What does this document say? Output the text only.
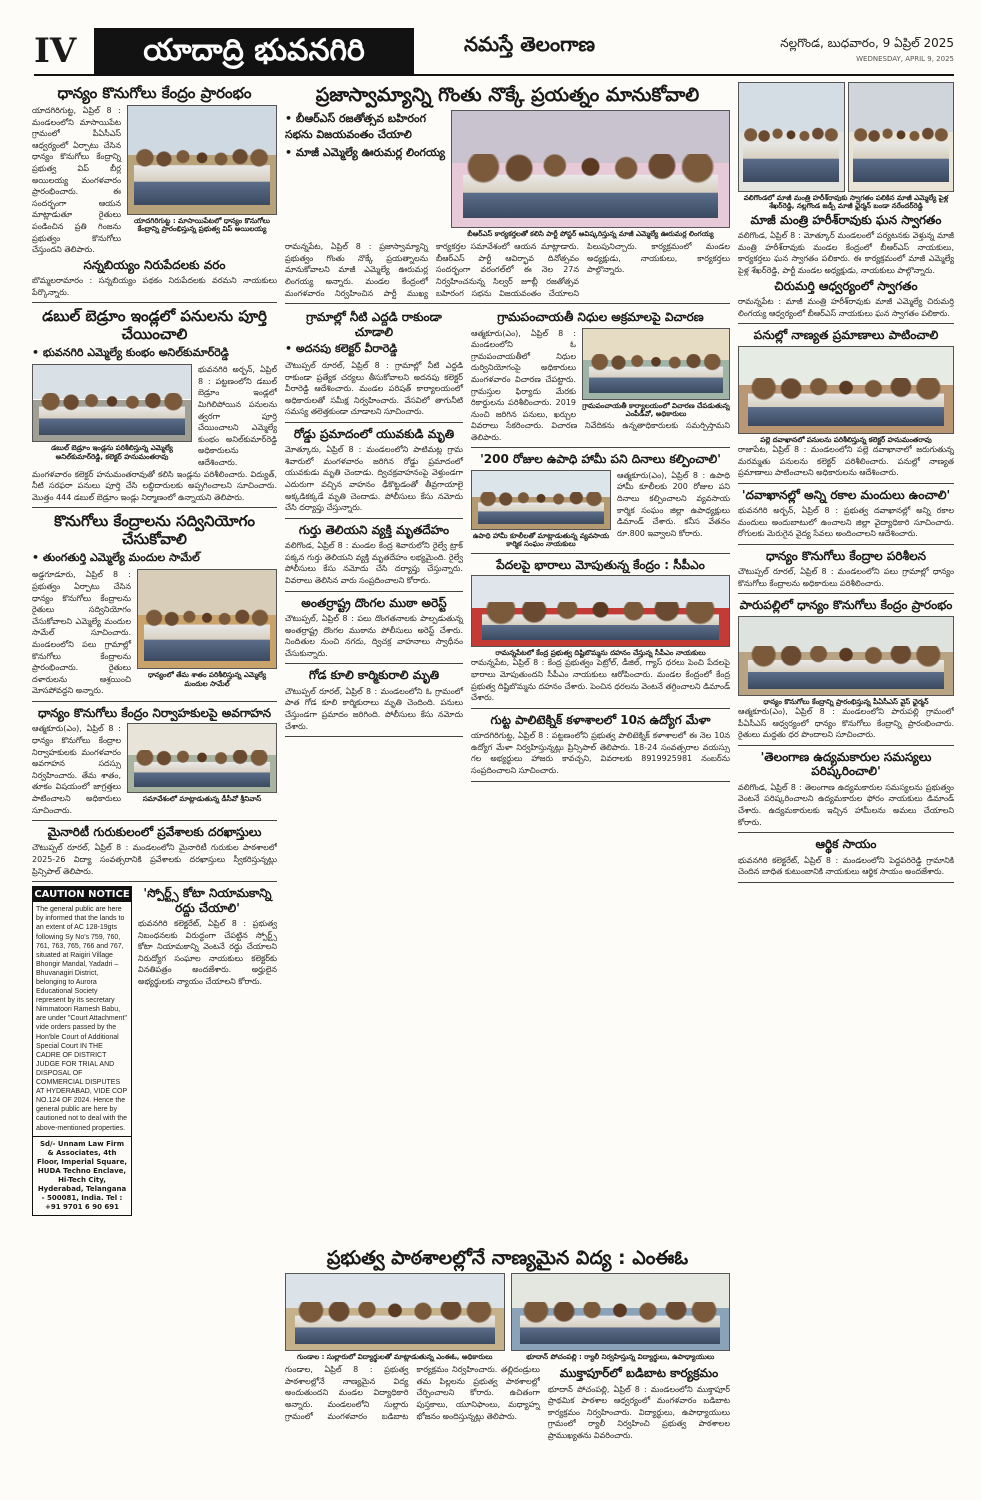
IV	యాదాద్రి భువనగిరి	నమస్తే తెలంగాణ	నల్లగొండ, బుధవారం, 9 ఏప్రిల్ 2025
WEDNESDAY, APRIL 9, 2025
ధాన్యం కొనుగోలు కేంద్రం ప్రారంభం
యాదగిరిగుట్ట : మాసాయిపేటలో ధాన్యం కొనుగోలు కేంద్రాన్ని ప్రారంభిస్తున్న ప్రభుత్వ విప్ అయిలయ్య
యాదగిరిగుట్ట, ఏప్రిల్ 8 : మండలంలోని మాసాయిపేట గ్రామంలో పీఏసీఎస్ ఆధ్వర్యంలో ఏర్పాటు చేసిన ధాన్యం కొనుగోలు కేంద్రాన్ని ప్రభుత్వ విప్ బీర్ల అయిలయ్య మంగళవారం ప్రారంభించారు. ఈ సందర్భంగా ఆయన మాట్లాడుతూ రైతులు పండించిన ప్రతి గింజను ప్రభుత్వం కొనుగోలు చేస్తుందని తెలిపారు.
సన్నబియ్యం నిరుపేదలకు వరం
బొమ్మలరామారం : సన్నబియ్యం పథకం నిరుపేదలకు వరమని నాయకులు పేర్కొన్నారు.
డబుల్ బెడ్రూం ఇండ్లలో పనులను పూర్తి చేయించాలి
• భువనగిరి ఎమ్మెల్యే కుంభం అనిల్‌కుమార్‌రెడ్డి
డబుల్ బెడ్రూం ఇండ్లను పరిశీలిస్తున్న ఎమ్మెల్యే అనిల్‌కుమార్‌రెడ్డి, కలెక్టర్ హనుమంతరావు
భువనగిరి అర్బన్, ఏప్రిల్ 8 : పట్టణంలోని డబుల్ బెడ్రూం ఇండ్లలో మిగిలిపోయిన పనులను త్వరగా పూర్తి చేయించాలని ఎమ్మెల్యే కుంభం అనిల్‌కుమార్‌రెడ్డి అధికారులను ఆదేశించారు. మంగళవారం కలెక్టర్ హనుమంతరావుతో కలిసి ఇండ్లను పరిశీలించారు. విద్యుత్, నీటి సరఫరా పనులు పూర్తి చేసి లబ్ధిదారులకు అప్పగించాలని సూచించారు. మొత్తం 444 డబుల్ బెడ్రూం ఇండ్లు నిర్మాణంలో ఉన్నాయని తెలిపారు.
కొనుగోలు కేంద్రాలను సద్వినియోగం చేసుకోవాలి
• తుంగతుర్తి ఎమ్మెల్యే మందుల సామేల్
ధాన్యంలో తేమ శాతం పరిశీలిస్తున్న ఎమ్మెల్యే మందుల సామేల్
అడ్డగూడూరు, ఏప్రిల్ 8 : ప్రభుత్వం ఏర్పాటు చేసిన ధాన్యం కొనుగోలు కేంద్రాలను రైతులు సద్వినియోగం చేసుకోవాలని ఎమ్మెల్యే మందుల సామేల్ సూచించారు. మండలంలోని పలు గ్రామాల్లో కొనుగోలు కేంద్రాలను ప్రారంభించారు. రైతులు దళారులను ఆశ్రయించి మోసపోవద్దని అన్నారు.
ధాన్యం కొనుగోలు కేంద్రం నిర్వాహకులపై అవగాహన
సమావేశంలో మాట్లాడుతున్న డీసీవో శ్రీనివాస్
ఆత్మకూరు(ఎం), ఏప్రిల్ 8 : ధాన్యం కొనుగోలు కేంద్రాల నిర్వాహకులకు మంగళవారం అవగాహన సదస్సు నిర్వహించారు. తేమ శాతం, తూకం విషయంలో జాగ్రత్తలు పాటించాలని అధికారులు సూచించారు.
మైనారిటీ గురుకులంలో ప్రవేశాలకు దరఖాస్తులు
చౌటుప్పల్ రూరల్, ఏప్రిల్ 8 : మండలంలోని మైనారిటీ గురుకుల పాఠశాలలో 2025-26 విద్యా సంవత్సరానికి ప్రవేశాలకు దరఖాస్తులు స్వీకరిస్తున్నట్లు ప్రిన్సిపాల్ తెలిపారు.
CAUTION NOTICE
The general public are here by informed that the lands to an extent of AC 128-19gts following Sy No's 759, 760, 761, 763, 765, 766 and 767, situated at Raigiri Village Bhongir Mandal, Yadadri – Bhuvanagiri District, belonging to Aurora Educational Society represent by its secretary Nimmatoori Ramesh Babu, are under "Court Attachment" vide orders passed by the Hon'ble Court of Additional Special Court IN THE CADRE OF DISTRICT JUDGE FOR TRIAL AND DISPOSAL OF COMMERCIAL DISPUTES AT HYDERABAD, VIDE COP NO.124 OF 2024. Hence the general public are here by cautioned not to deal with the above-mentioned properties.
Sd/- Unnam Law Firm & Associates, 4th Floor, Imperial Square, HUDA Techno Enclave, Hi-Tech City, Hyderabad, Telangana - 500081, India. Tel : +91 9701 6 90 691
'స్పోర్ట్స్ కోటా నియామకాన్ని రద్దు చేయాలి'
భువనగిరి కలెక్టరేట్, ఏప్రిల్ 8 : ప్రభుత్వ నిబంధనలకు విరుద్ధంగా చేపట్టిన స్పోర్ట్స్ కోటా నియామకాన్ని వెంటనే రద్దు చేయాలని నిరుద్యోగ సంఘాల నాయకులు కలెక్టర్‌కు వినతిపత్రం అందజేశారు. అర్హులైన అభ్యర్థులకు న్యాయం చేయాలని కోరారు.
ప్రజాస్వామ్యాన్ని గొంతు నొక్కే ప్రయత్నం మానుకోవాలి
• బీఆర్‌ఎస్ రజతోత్సవ బహిరంగ సభను విజయవంతం చేయాలి
• మాజీ ఎమ్మెల్యే ఊరుమర్ల లింగయ్య
బీఆర్‌ఎస్ కార్యకర్తలతో కలిసి పార్టీ పోస్టర్ ఆవిష్కరిస్తున్న మాజీ ఎమ్మెల్యే ఊరుమర్ల లింగయ్య
రామన్నపేట, ఏప్రిల్ 8 : ప్రజాస్వామ్యాన్ని ప్రభుత్వం గొంతు నొక్కే ప్రయత్నాలను మానుకోవాలని మాజీ ఎమ్మెల్యే ఊరుమర్ల లింగయ్య అన్నారు. మండల కేంద్రంలో మంగళవారం నిర్వహించిన పార్టీ ముఖ్య కార్యకర్తల సమావేశంలో ఆయన మాట్లాడారు. బీఆర్‌ఎస్ పార్టీ ఆవిర్భావ దినోత్సవం సందర్భంగా వరంగల్‌లో ఈ నెల 27న నిర్వహించనున్న సిల్వర్ జూబ్లీ రజతోత్సవ బహిరంగ సభను విజయవంతం చేయాలని పిలుపునిచ్చారు. కార్యక్రమంలో మండల అధ్యక్షుడు, నాయకులు, కార్యకర్తలు పాల్గొన్నారు.
గ్రామాల్లో నీటి ఎద్దడి రాకుండా చూడాలి
• అదనపు కలెక్టర్ వీరారెడ్డి
చౌటుప్పల్ రూరల్, ఏప్రిల్ 8 : గ్రామాల్లో నీటి ఎద్దడి రాకుండా ప్రత్యేక చర్యలు తీసుకోవాలని అదనపు కలెక్టర్ వీరారెడ్డి ఆదేశించారు. మండల పరిషత్ కార్యాలయంలో అధికారులతో సమీక్ష నిర్వహించారు. వేసవిలో తాగునీటి సమస్య తలెత్తకుండా చూడాలని సూచించారు.
రోడ్డు ప్రమాదంలో యువకుడి మృతి
మోత్కూరు, ఏప్రిల్ 8 : మండలంలోని పాటిమట్ల గ్రామ శివారులో మంగళవారం జరిగిన రోడ్డు ప్రమాదంలో యువకుడు మృతి చెందాడు. ద్విచక్రవాహనంపై వెళ్తుండగా ఎదురుగా వచ్చిన వాహనం ఢీకొట్టడంతో తీవ్రగాయాలై అక్కడికక్కడే మృతి చెందాడు. పోలీసులు కేసు నమోదు చేసి దర్యాప్తు చేస్తున్నారు.
గుర్తు తెలియని వ్యక్తి మృతదేహం
వలిగొండ, ఏప్రిల్ 8 : మండల కేంద్ర శివారులోని రైల్వే ట్రాక్ పక్కన గుర్తు తెలియని వ్యక్తి మృతదేహం లభ్యమైంది. రైల్వే పోలీసులు కేసు నమోదు చేసి దర్యాప్తు చేస్తున్నారు. వివరాలు తెలిసిన వారు సంప్రదించాలని కోరారు.
అంతర్రాష్ట్ర దొంగల ముఠా అరెస్ట్
చౌటుప్పల్, ఏప్రిల్ 8 : పలు దొంగతనాలకు పాల్పడుతున్న అంతర్రాష్ట్ర దొంగల ముఠాను పోలీసులు అరెస్ట్ చేశారు. నిందితుల నుంచి నగదు, ద్విచక్ర వాహనాలు స్వాధీనం చేసుకున్నారు.
గోడ కూలి కార్మికురాలి మృతి
చౌటుప్పల్ రూరల్, ఏప్రిల్ 8 : మండలంలోని ఓ గ్రామంలో పాత గోడ కూలి కార్మికురాలు మృతి చెందింది. పనులు చేస్తుండగా ప్రమాదం జరిగింది. పోలీసులు కేసు నమోదు చేశారు.
గ్రామపంచాయతీ నిధుల అక్రమాలపై విచారణ
గ్రామపంచాయతీ కార్యాలయంలో విచారణ చేపడుతున్న ఎంపీడీవో, అధికారులు
ఆత్మకూరు(ఎం), ఏప్రిల్ 8 : మండలంలోని ఓ గ్రామపంచాయతీలో నిధుల దుర్వినియోగంపై అధికారులు మంగళవారం విచారణ చేపట్టారు. గ్రామస్తుల ఫిర్యాదు మేరకు రికార్డులను పరిశీలించారు. 2019 నుంచి జరిగిన పనులు, ఖర్చుల వివరాలు సేకరించారు. విచారణ నివేదికను ఉన్నతాధికారులకు సమర్పిస్తామని తెలిపారు.
'200 రోజుల ఉపాధి హామీ పని దినాలు కల్పించాలి'
ఉపాధి హామీ కూలీలతో మాట్లాడుతున్న వ్యవసాయ కార్మిక సంఘం నాయకులు
ఆత్మకూరు(ఎం), ఏప్రిల్ 8 : ఉపాధి హామీ కూలీలకు 200 రోజుల పని దినాలు కల్పించాలని వ్యవసాయ కార్మిక సంఘం జిల్లా ఉపాధ్యక్షులు డిమాండ్ చేశారు. కనీస వేతనం రూ.800 ఇవ్వాలని కోరారు.
పేదలపై భారాలు మోపుతున్న కేంద్రం : సీపీఎం
రామన్నపేటలో కేంద్ర ప్రభుత్వ దిష్టిబొమ్మను దహనం చేస్తున్న సీపీఎం నాయకులు
రామన్నపేట, ఏప్రిల్ 8 : కేంద్ర ప్రభుత్వం పెట్రోల్, డీజిల్, గ్యాస్ ధరలు పెంచి పేదలపై భారాలు మోపుతుందని సీపీఎం నాయకులు ఆరోపించారు. మండల కేంద్రంలో కేంద్ర ప్రభుత్వ దిష్టిబొమ్మను దహనం చేశారు. పెంచిన ధరలను వెంటనే తగ్గించాలని డిమాండ్ చేశారు.
గుట్ట పాలిటెక్నిక్ కళాశాలలో 10న ఉద్యోగ మేళా
యాదగిరిగుట్ట, ఏప్రిల్ 8 : పట్టణంలోని ప్రభుత్వ పాలిటెక్నిక్ కళాశాలలో ఈ నెల 10న ఉద్యోగ మేళా నిర్వహిస్తున్నట్లు ప్రిన్సిపాల్ తెలిపారు. 18-24 సంవత్సరాల వయస్సు గల అభ్యర్థులు హాజరు కావచ్చని, వివరాలకు 8919925981 నంబర్‌ను సంప్రదించాలని సూచించారు.
ప్రభుత్వ పాఠశాలల్లోనే నాణ్యమైన విద్య : ఎంఈఓ
గుండాల : సుల్లారులో విద్యార్థులతో మాట్లాడుతున్న ఎంఈఓ, అధికారులు	భూదాన్ పోచంపల్లి : ర్యాలీ నిర్వహిస్తున్న విద్యార్థులు, ఉపాధ్యాయులు
గుండాల, ఏప్రిల్ 8 : ప్రభుత్వ పాఠశాలల్లోనే నాణ్యమైన విద్య అందుతుందని మండల విద్యాధికారి అన్నారు. మండలంలోని సుల్లారు గ్రామంలో మంగళవారం బడిబాట కార్యక్రమం నిర్వహించారు. తల్లిదండ్రులు తమ పిల్లలను ప్రభుత్వ పాఠశాలల్లో చేర్పించాలని కోరారు. ఉచితంగా పుస్తకాలు, యూనిఫాంలు, మధ్యాహ్న భోజనం అందిస్తున్నట్లు తెలిపారు.
ముక్తాపూర్‌లో బడిబాట కార్యక్రమం
భూదాన్ పోచంపల్లి, ఏప్రిల్ 8 : మండలంలోని ముక్తాపూర్ ప్రాథమిక పాఠశాల ఆధ్వర్యంలో మంగళవారం బడిబాట కార్యక్రమం నిర్వహించారు. విద్యార్థులు, ఉపాధ్యాయులు గ్రామంలో ర్యాలీ నిర్వహించి ప్రభుత్వ పాఠశాలల ప్రాముఖ్యతను వివరించారు.
వలిగొండలో మాజీ మంత్రి హరీశ్‌రావుకు స్వాగతం పలికిన మాజీ ఎమ్మెల్యే పైళ్ల శేఖర్‌రెడ్డి, నల్లగొండ జడ్పీ మాజీ ఛైర్మన్ బండా నరేందర్‌రెడ్డి
మాజీ మంత్రి హరీశ్‌రావుకు ఘన స్వాగతం
వలిగొండ, ఏప్రిల్ 8 : మోత్కూర్ మండలంలో పర్యటనకు వెళ్తున్న మాజీ మంత్రి హరీశ్‌రావుకు మండల కేంద్రంలో బీఆర్‌ఎస్ నాయకులు, కార్యకర్తలు ఘన స్వాగతం పలికారు. ఈ కార్యక్రమంలో మాజీ ఎమ్మెల్యే పైళ్ల శేఖర్‌రెడ్డి, పార్టీ మండల అధ్యక్షుడు, నాయకులు పాల్గొన్నారు.
చిరుమర్తి ఆధ్వర్యంలో స్వాగతం
రామన్నపేట : మాజీ మంత్రి హరీశ్‌రావుకు మాజీ ఎమ్మెల్యే చిరుమర్తి లింగయ్య ఆధ్వర్యంలో బీఆర్‌ఎస్ నాయకులు ఘన స్వాగతం పలికారు.
పనుల్లో నాణ్యత ప్రమాణాలు పాటించాలి
పల్లె దవాఖానలో పనులను పరిశీలిస్తున్న కలెక్టర్ హనుమంతరావు
రాజాపేట, ఏప్రిల్ 8 : మండలంలోని పల్లె దవాఖానాలో జరుగుతున్న మరమ్మతు పనులను కలెక్టర్ పరిశీలించారు. పనుల్లో నాణ్యత ప్రమాణాలు పాటించాలని అధికారులను ఆదేశించారు.
'దవాఖానల్లో అన్ని రకాల మందులు ఉంచాలి'
భువనగిరి అర్బన్, ఏప్రిల్ 8 : ప్రభుత్వ దవాఖానల్లో అన్ని రకాల మందులు అందుబాటులో ఉంచాలని జిల్లా వైద్యాధికారి సూచించారు. రోగులకు మెరుగైన వైద్య సేవలు అందించాలని ఆదేశించారు.
ధాన్యం కొనుగోలు కేంద్రాల పరిశీలన
చౌటుప్పల్ రూరల్, ఏప్రిల్ 8 : మండలంలోని పలు గ్రామాల్లో ధాన్యం కొనుగోలు కేంద్రాలను అధికారులు పరిశీలించారు.
పారుపల్లిలో ధాన్యం కొనుగోలు కేంద్రం ప్రారంభం
ధాన్యం కొనుగోలు కేంద్రాన్ని ప్రారంభిస్తున్న పీఏసీఎస్ వైస్ ఛైర్మన్
ఆత్మకూరు(ఎం), ఏప్రిల్ 8 : మండలంలోని పారుపల్లి గ్రామంలో పీఏసీఎస్ ఆధ్వర్యంలో ధాన్యం కొనుగోలు కేంద్రాన్ని ప్రారంభించారు. రైతులు మద్దతు ధర పొందాలని సూచించారు.
'తెలంగాణ ఉద్యమకారుల సమస్యలు పరిష్కరించాలి'
వలిగొండ, ఏప్రిల్ 8 : తెలంగాణ ఉద్యమకారుల సమస్యలను ప్రభుత్వం వెంటనే పరిష్కరించాలని ఉద్యమకారుల ఫోరం నాయకులు డిమాండ్ చేశారు. ఉద్యమకారులకు ఇచ్చిన హామీలను అమలు చేయాలని కోరారు.
ఆర్థిక సాయం
భువనగిరి కలెక్టరేట్, ఏప్రిల్ 8 : మండలంలోని పెద్దపరిరెడ్డి గ్రామానికి చెందిన బాధిత కుటుంబానికి నాయకులు ఆర్థిక సాయం అందజేశారు.
